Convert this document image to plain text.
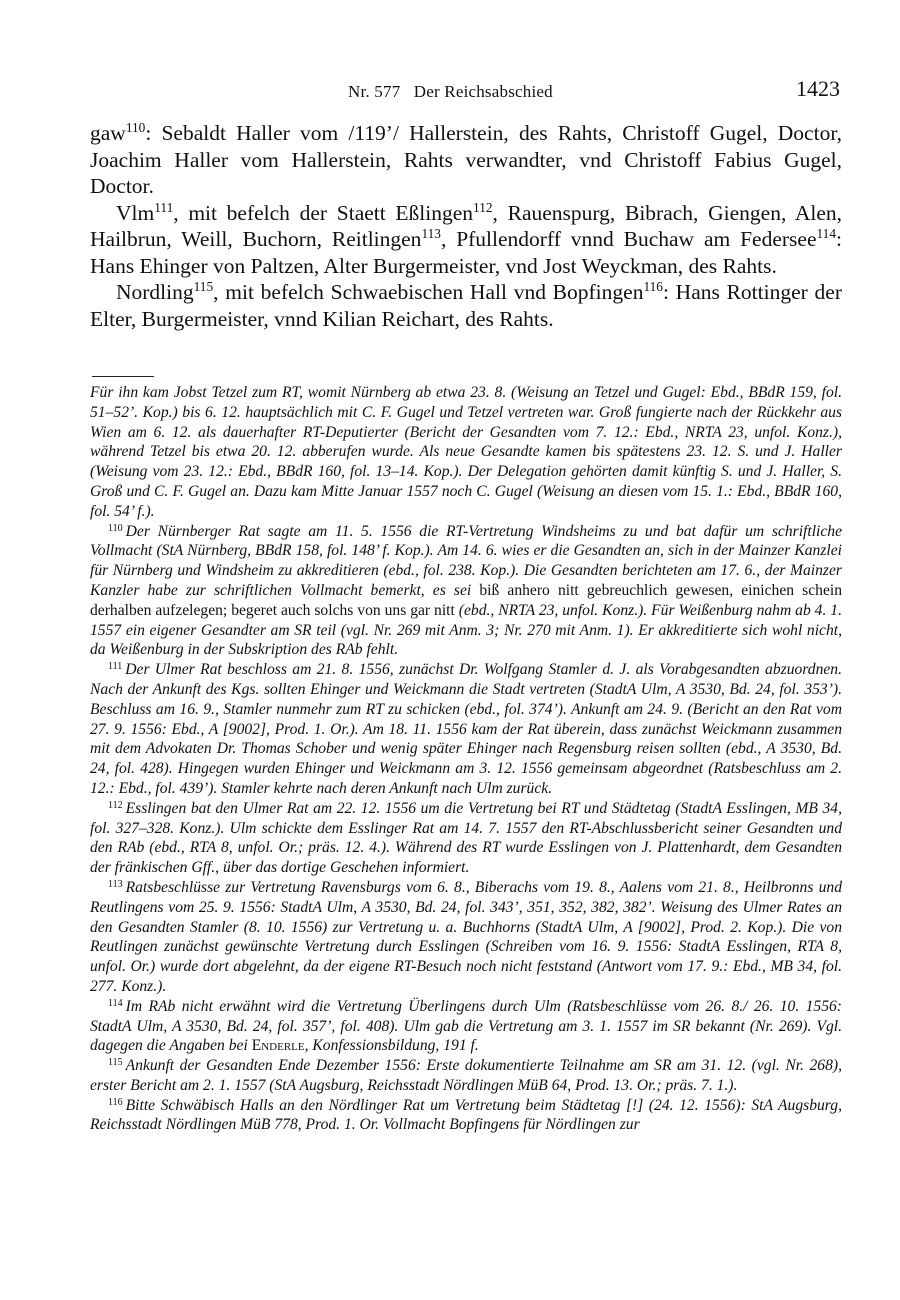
Nr. 577   Der Reichsabschied	1423

gaw$^{110}$: Sebaldt Haller vom /119’/ Hallerstein, des Rahts, Christoff Gugel, Doctor, Joachim Haller vom Hallerstein, Rahts verwandter, vnd Christoff Fabius Gugel, Doctor.

Vlm$^{111}$, mit befelch der Staett Eßlingen$^{112}$, Rauenspurg, Bibrach, Giengen, Alen, Hailbrun, Weill, Buchorn, Reitlingen$^{113}$, Pfullendorff vnnd Buchaw am Federsee$^{114}$: Hans Ehinger von Paltzen, Alter Burgermeister, vnd Jost Weyckman, des Rahts.

Nordling$^{115}$, mit befelch Schwaebischen Hall vnd Bopfingen$^{116}$: Hans Rottinger der Elter, Burgermeister, vnnd Kilian Reichart, des Rahts.

Für ihn kam Jobst Tetzel zum RT, womit Nürnberg ab etwa 23. 8. (Weisung an Tetzel und Gugel: Ebd., BBdR 159, fol. 51–52’. Kop.) bis 6. 12. hauptsächlich mit C. F. Gugel und Tetzel vertreten war. Groß fungierte nach der Rückkehr aus Wien am 6. 12. als dauerhafter RT-Deputierter (Bericht der Gesandten vom 7. 12.: Ebd., NRTA 23, unfol. Konz.), während Tetzel bis etwa 20. 12. abberufen wurde. Als neue Gesandte kamen bis spätestens 23. 12. S. und J. Haller (Weisung vom 23. 12.: Ebd., BBdR 160, fol. 13–14. Kop.). Der Delegation gehörten damit künftig S. und J. Haller, S. Groß und C. F. Gugel an. Dazu kam Mitte Januar 1557 noch C. Gugel (Weisung an diesen vom 15. 1.: Ebd., BBdR 160, fol. 54’ f.).

$^{110}$ Der Nürnberger Rat sagte am 11. 5. 1556 die RT-Vertretung Windsheims zu und bat dafür um schriftliche Vollmacht (StA Nürnberg, BBdR 158, fol. 148’ f. Kop.). Am 14. 6. wies er die Gesandten an, sich in der Mainzer Kanzlei für Nürnberg und Windsheim zu akkreditieren (ebd., fol. 238. Kop.). Die Gesandten berichteten am 17. 6., der Mainzer Kanzler habe zur schriftlichen Vollmacht bemerkt, es sei biß anhero nitt gebreuchlich gewesen, einichen schein derhalben aufzelegen; begeret auch solchs von uns gar nitt (ebd., NRTA 23, unfol. Konz.). Für Weißenburg nahm ab 4. 1. 1557 ein eigener Gesandter am SR teil (vgl. Nr. 269 mit Anm. 3; Nr. 270 mit Anm. 1). Er akkreditierte sich wohl nicht, da Weißenburg in der Subskription des RAb fehlt.

$^{111}$ Der Ulmer Rat beschloss am 21. 8. 1556, zunächst Dr. Wolfgang Stamler d. J. als Vorabgesandten abzuordnen. Nach der Ankunft des Kgs. sollten Ehinger und Weickmann die Stadt vertreten (StadtA Ulm, A 3530, Bd. 24, fol. 353’). Beschluss am 16. 9., Stamler nunmehr zum RT zu schicken (ebd., fol. 374’). Ankunft am 24. 9. (Bericht an den Rat vom 27. 9. 1556: Ebd., A [9002], Prod. 1. Or.). Am 18. 11. 1556 kam der Rat überein, dass zunächst Weickmann zusammen mit dem Advokaten Dr. Thomas Schober und wenig später Ehinger nach Regensburg reisen sollten (ebd., A 3530, Bd. 24, fol. 428). Hingegen wurden Ehinger und Weickmann am 3. 12. 1556 gemeinsam abgeordnet (Ratsbeschluss am 2. 12.: Ebd., fol. 439’). Stamler kehrte nach deren Ankunft nach Ulm zurück.

$^{112}$ Esslingen bat den Ulmer Rat am 22. 12. 1556 um die Vertretung bei RT und Städtetag (StadtA Esslingen, MB 34, fol. 327–328. Konz.). Ulm schickte dem Esslinger Rat am 14. 7. 1557 den RT-Abschlussbericht seiner Gesandten und den RAb (ebd., RTA 8, unfol. Or.; präs. 12. 4.). Während des RT wurde Esslingen von J. Plattenhardt, dem Gesandten der fränkischen Gff., über das dortige Geschehen informiert.

$^{113}$ Ratsbeschlüsse zur Vertretung Ravensburgs vom 6. 8., Biberachs vom 19. 8., Aalens vom 21. 8., Heilbronns und Reutlingens vom 25. 9. 1556: StadtA Ulm, A 3530, Bd. 24, fol. 343’, 351, 352, 382, 382’. Weisung des Ulmer Rates an den Gesandten Stamler (8. 10. 1556) zur Vertretung u. a. Buchhorns (StadtA Ulm, A [9002], Prod. 2. Kop.). Die von Reutlingen zunächst gewünschte Vertretung durch Esslingen (Schreiben vom 16. 9. 1556: StadtA Esslingen, RTA 8, unfol. Or.) wurde dort abgelehnt, da der eigene RT-Besuch noch nicht feststand (Antwort vom 17. 9.: Ebd., MB 34, fol. 277. Konz.).

$^{114}$ Im RAb nicht erwähnt wird die Vertretung Überlingens durch Ulm (Ratsbeschlüsse vom 26. 8./ 26. 10. 1556: StadtA Ulm, A 3530, Bd. 24, fol. 357’, fol. 408). Ulm gab die Vertretung am 3. 1. 1557 im SR bekannt (Nr. 269). Vgl. dagegen die Angaben bei Enderle, Konfessionsbildung, 191 f.

$^{115}$ Ankunft der Gesandten Ende Dezember 1556: Erste dokumentierte Teilnahme am SR am 31. 12. (vgl. Nr. 268), erster Bericht am 2. 1. 1557 (StA Augsburg, Reichsstadt Nördlingen MüB 64, Prod. 13. Or.; präs. 7. 1.).

$^{116}$ Bitte Schwäbisch Halls an den Nördlinger Rat um Vertretung beim Städtetag [!] (24. 12. 1556): StA Augsburg, Reichsstadt Nördlingen MüB 778, Prod. 1. Or. Vollmacht Bopfingens für Nördlingen zur
